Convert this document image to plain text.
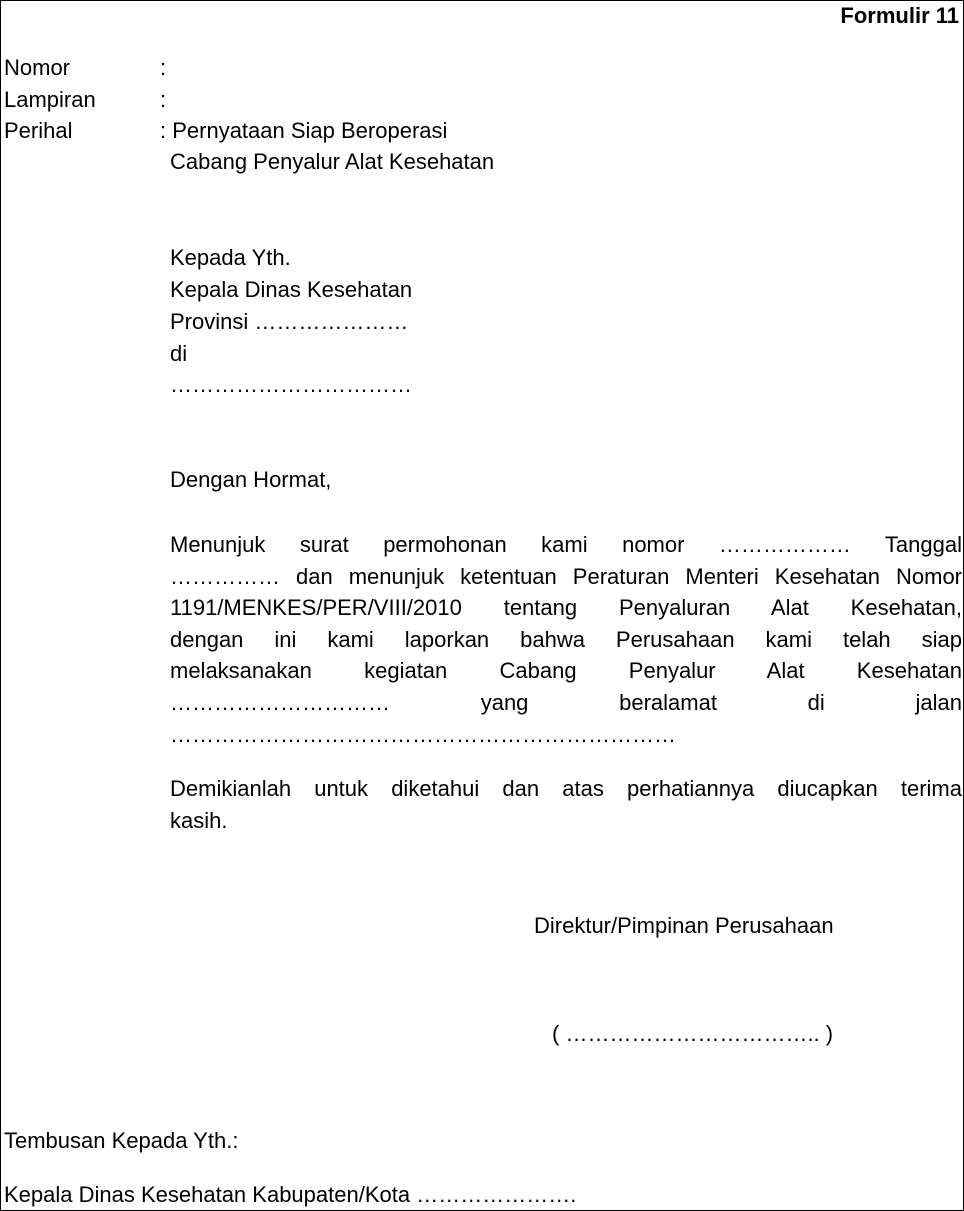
Formulir 11
Nomor	:
Lampiran	:
Perihal	: Pernyataan Siap Beroperasi
Cabang Penyalur Alat Kesehatan
Kepada Yth.
Kepala Dinas Kesehatan
Provinsi …………………
di
……………………………
Dengan Hormat,
Menunjuk surat permohonan kami nomor ……………… Tanggal
…………… dan menunjuk ketentuan Peraturan Menteri Kesehatan Nomor
1191/MENKES/PER/VIII/2010 tentang Penyaluran Alat Kesehatan,
dengan ini kami laporkan bahwa Perusahaan kami telah siap
melaksanakan kegiatan Cabang Penyalur Alat Kesehatan
………………………… yang beralamat di jalan
……………………………………………………………
Demikianlah untuk diketahui dan atas perhatiannya diucapkan terima
kasih.
Direktur/Pimpinan Perusahaan
( …………………………….. )
Tembusan Kepada Yth.:
Kepala Dinas Kesehatan Kabupaten/Kota ………………….
